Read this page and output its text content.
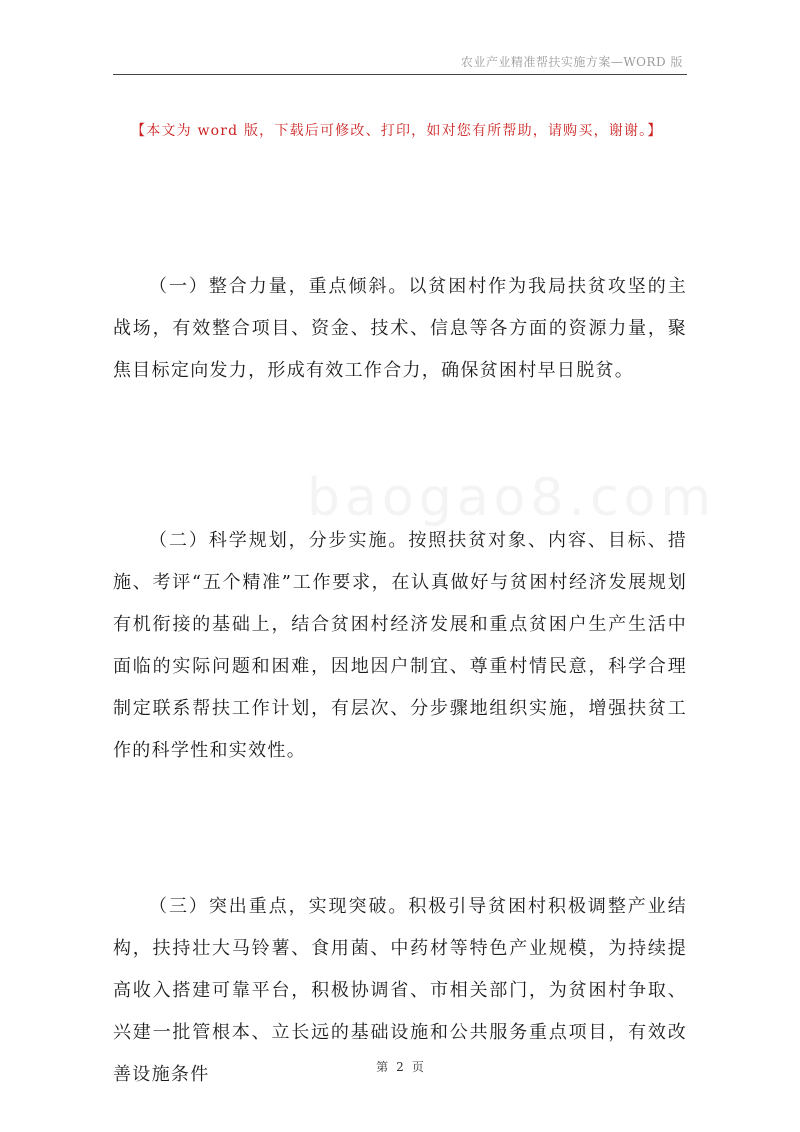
农业产业精准帮扶实施方案—WORD 版
【本文为 word 版，下载后可修改、打印，如对您有所帮助，请购买，谢谢。】
baogao8.com

（一）整合力量，重点倾斜。以贫困村作为我局扶贫攻坚的主战场，有效整合项目、资金、技术、信息等各方面的资源力量，聚焦目标定向发力，形成有效工作合力，确保贫困村早日脱贫。

（二）科学规划，分步实施。按照扶贫对象、内容、目标、措施、考评“五个精准”工作要求，在认真做好与贫困村经济发展规划有机衔接的基础上，结合贫困村经济发展和重点贫困户生产生活中面临的实际问题和困难，因地因户制宜、尊重村情民意，科学合理制定联系帮扶工作计划，有层次、分步骤地组织实施，增强扶贫工作的科学性和实效性。

（三）突出重点，实现突破。积极引导贫困村积极调整产业结构，扶持壮大马铃薯、食用菌、中药材等特色产业规模，为持续提高收入搭建可靠平台，积极协调省、市相关部门，为贫困村争取、兴建一批管根本、立长远的基础设施和公共服务重点项目，有效改善设施条件	第 2 页
